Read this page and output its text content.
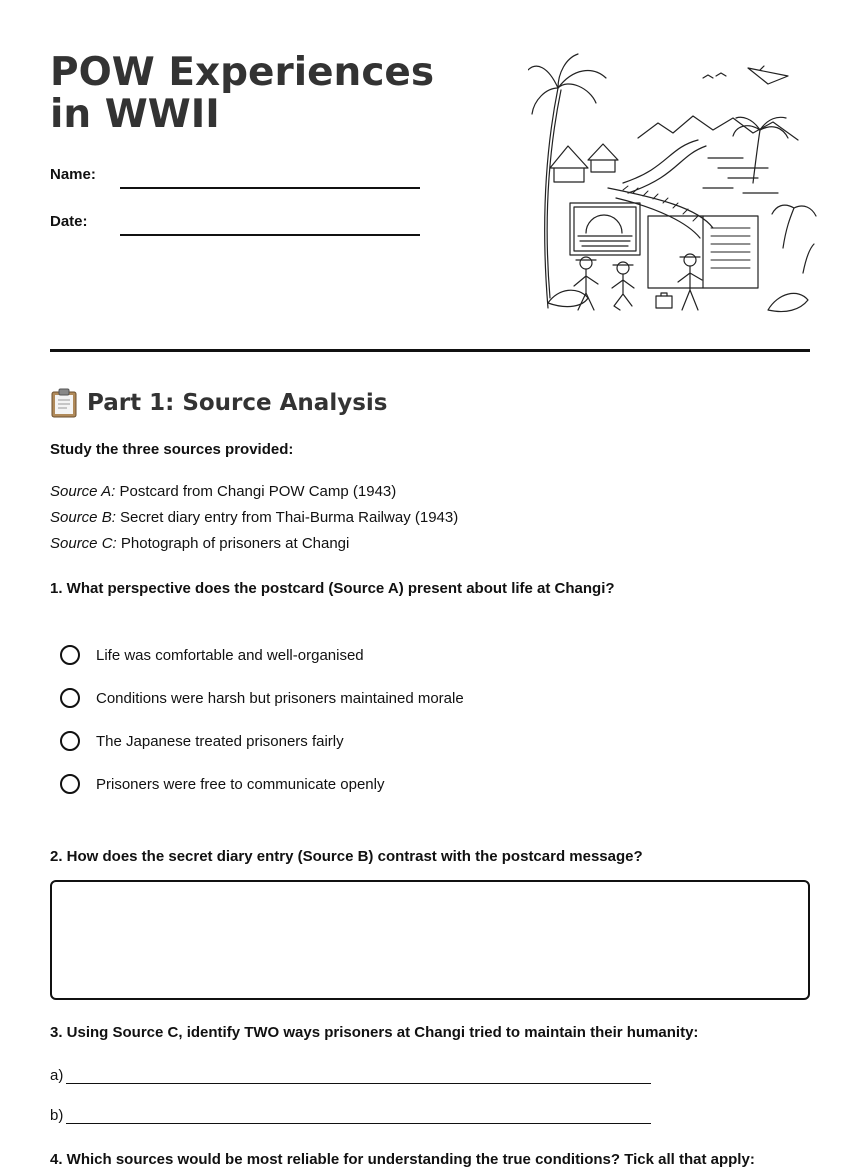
POW Experiences in WWII
Name:
Date:
Part 1: Source Analysis
Study the three sources provided:
Source A: Postcard from Changi POW Camp (1943)
Source B: Secret diary entry from Thai-Burma Railway (1943)
Source C: Photograph of prisoners at Changi
1. What perspective does the postcard (Source A) present about life at Changi?
Life was comfortable and well-organised
Conditions were harsh but prisoners maintained morale
The Japanese treated prisoners fairly
Prisoners were free to communicate openly
2. How does the secret diary entry (Source B) contrast with the postcard message?
3. Using Source C, identify TWO ways prisoners at Changi tried to maintain their humanity:
a)
b)
4. Which sources would be most reliable for understanding the true conditions? Tick all that apply:
